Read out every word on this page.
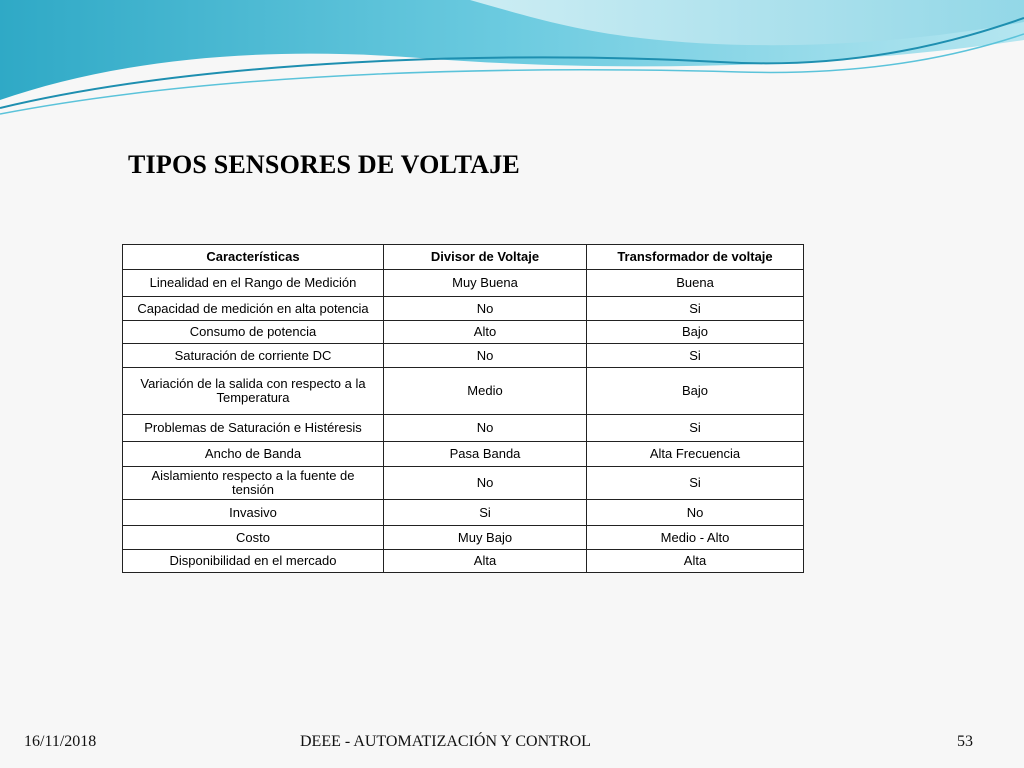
TIPOS SENSORES DE VOLTAJE
Características	Divisor de Voltaje	Transformador de voltaje
Linealidad en el Rango de Medición	Muy Buena	Buena
Capacidad de medición en alta potencia	No	Si
Consumo de potencia	Alto	Bajo
Saturación de corriente DC	No	Si
Variación de la salida con respecto a la Temperatura	Medio	Bajo
Problemas de Saturación e Histéresis	No	Si
Ancho de Banda	Pasa Banda	Alta Frecuencia
Aislamiento respecto a la fuente de tensión	No	Si
Invasivo	Si	No
Costo	Muy Bajo	Medio - Alto
Disponibilidad en el mercado	Alta	Alta
16/11/2018	DEEE - AUTOMATIZACIÓN Y CONTROL	53
